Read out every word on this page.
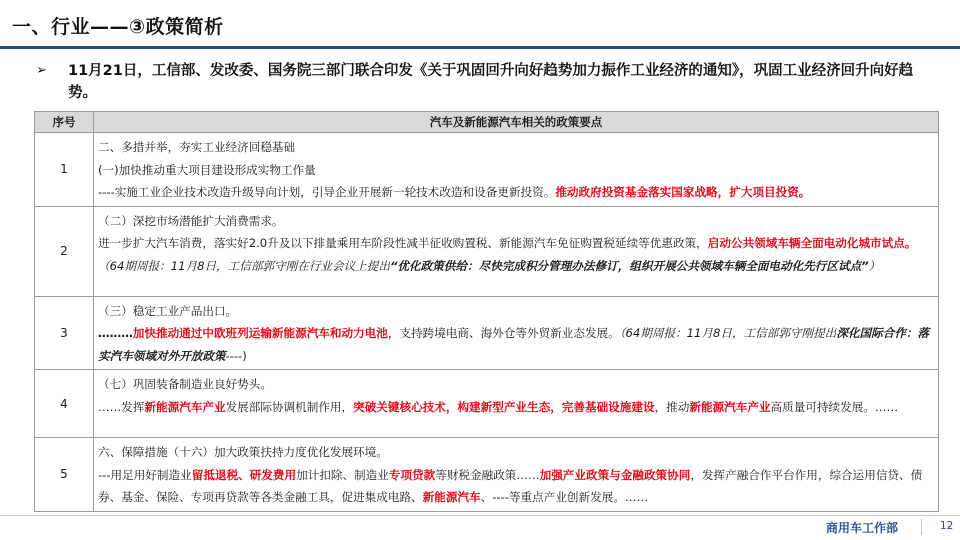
一、行业——③政策简析
➢ 11月21日，工信部、发改委、国务院三部门联合印发《关于巩固回升向好趋势加力振作工业经济的通知》，巩固工业经济回升向好趋势。
序号	汽车及新能源汽车相关的政策要点
1	二、多措并举，夯实工业经济回稳基础
(一)加快推动重大项目建设形成实物工作量
----实施工业企业技术改造升级导向计划，引导企业开展新一轮技术改造和设备更新投资。推动政府投资基金落实国家战略，扩大项目投资。

2	（二）深挖市场潜能扩大消费需求。
进一步扩大汽车消费，落实好2.0升及以下排量乘用车阶段性减半征收购置税、新能源汽车免征购置税延续等优惠政策，启动公共领域车辆全面电动化城市试点。（64期周报：11月8日，工信部郭守刚在行业会议上提出“优化政策供给：尽快完成积分管理办法修订，组织开展公共领域车辆全面电动化先行区试点”）

3	（三）稳定工业产品出口。
………加快推动通过中欧班列运输新能源汽车和动力电池，支持跨境电商、海外仓等外贸新业态发展。（64期周报：11月8日，工信部郭守刚提出深化国际合作：落实汽车领域对外开放政策----)

4	（七）巩固装备制造业良好势头。
……发挥新能源汽车产业发展部际协调机制作用，突破关键核心技术，构建新型产业生态，完善基础设施建设，推动新能源汽车产业高质量可持续发展。……

5	六、保障措施（十六）加大政策扶持力度优化发展环境。
---用足用好制造业留抵退税、研发费用加计扣除、制造业专项贷款等财税金融政策……加强产业政策与金融政策协同，发挥产融合作平台作用，综合运用信贷、债券、基金、保险、专项再贷款等各类金融工具，促进集成电路、新能源汽车、----等重点产业创新发展。……
商用车工作部	12
